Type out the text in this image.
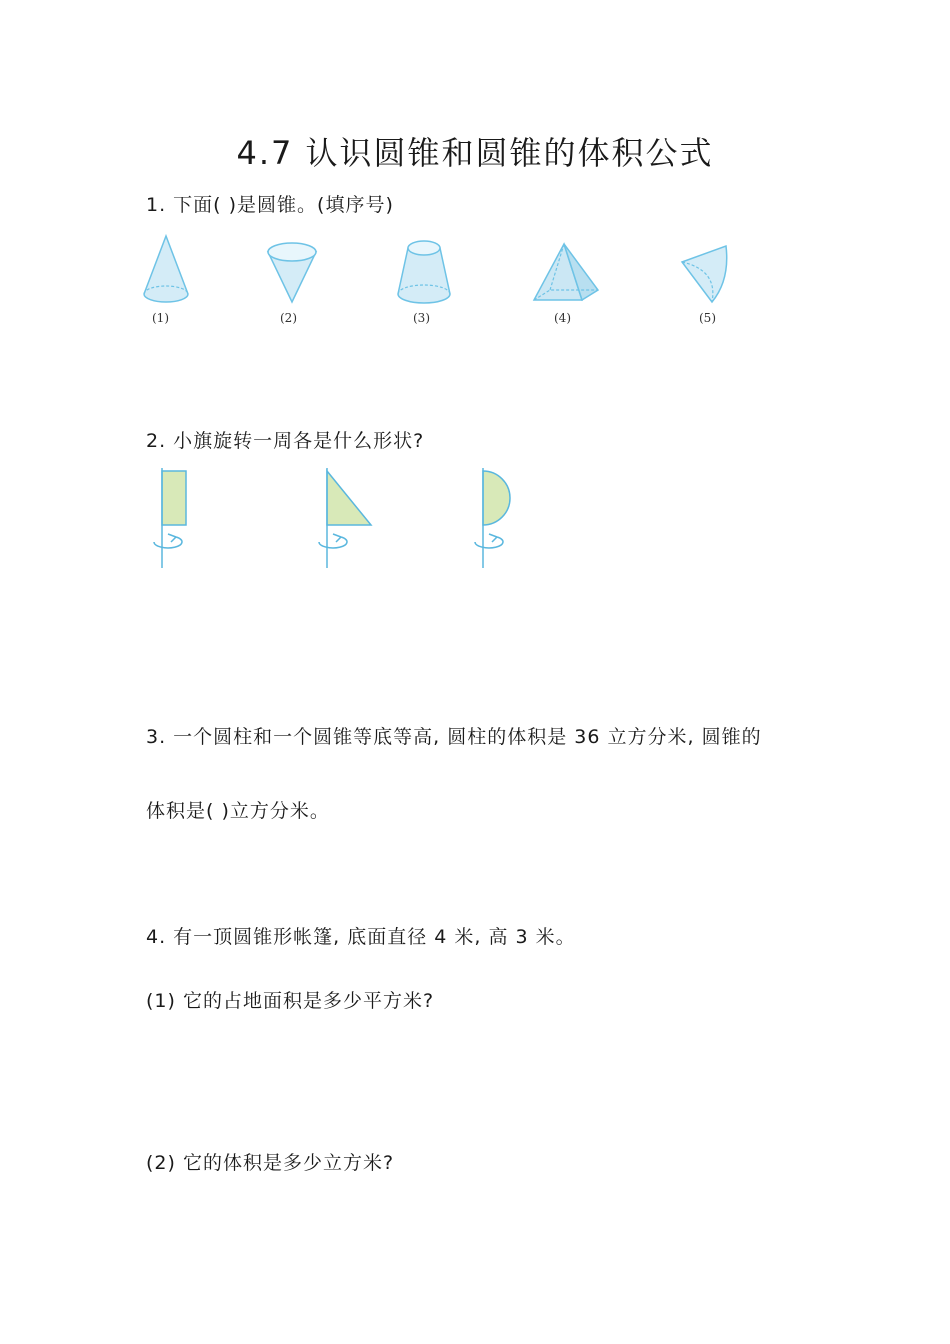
4.7 认识圆锥和圆锥的体积公式
1. 下面( )是圆锥。(填序号)
(1)	(2)	(3)	(4)	(5)
2. 小旗旋转一周各是什么形状?
3. 一个圆柱和一个圆锥等底等高, 圆柱的体积是 36 立方分米, 圆锥的
体积是( )立方分米。
4. 有一顶圆锥形帐篷, 底面直径 4 米, 高 3 米。
(1) 它的占地面积是多少平方米?
(2) 它的体积是多少立方米?
